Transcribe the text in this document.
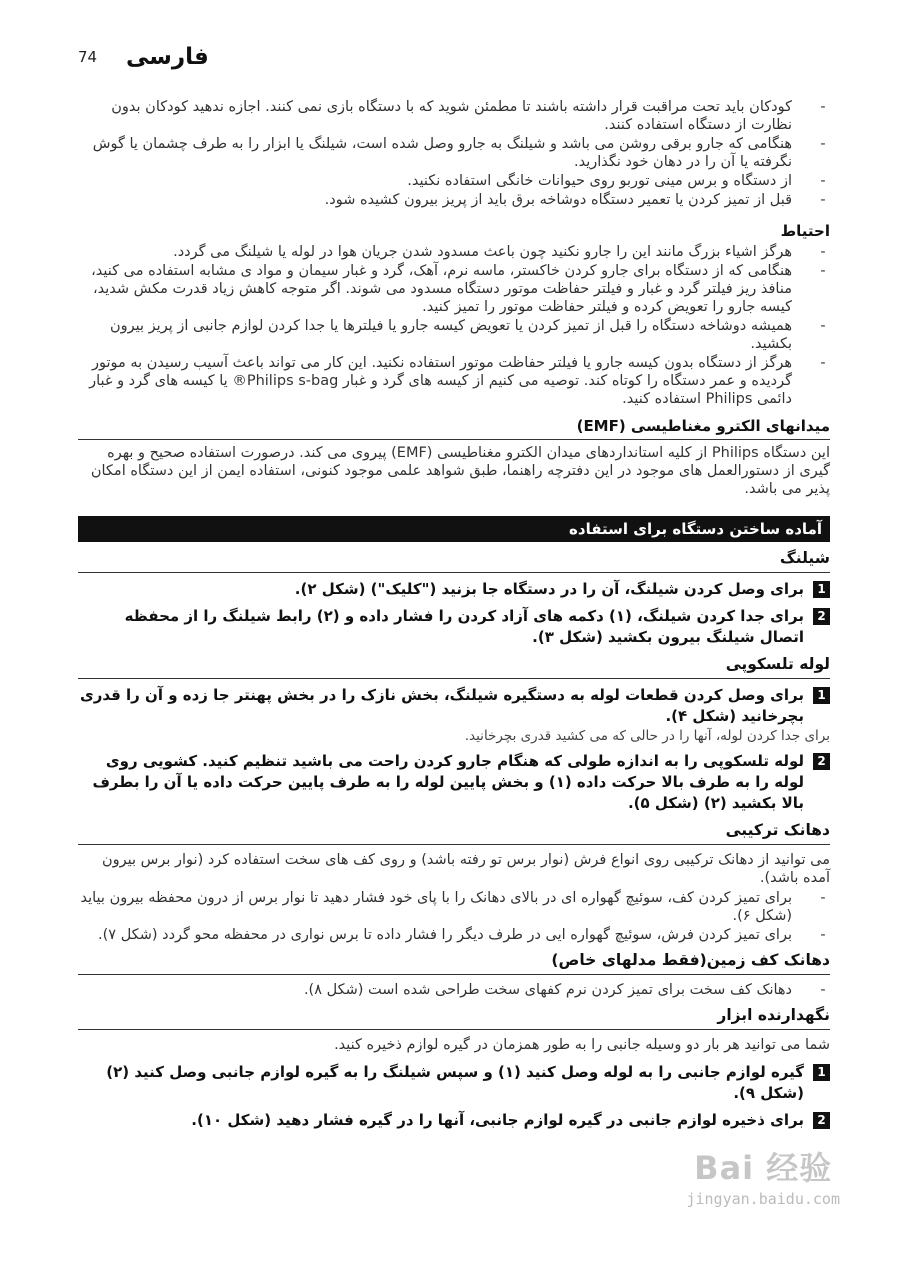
74 فارسی
-
کودکان باید تحت مراقبت قرار داشته باشند تا مطمئن شوید که با دستگاه بازی نمی کنند. اجازه ندهید کودکان بدون نظارت از دستگاه استفاده کنند.
-
هنگامی که جارو برقی روشن می باشد و شیلنگ به جارو وصل شده است، شیلنگ یا ابزار را به طرف چشمان یا گوش نگرفته یا آن را در دهان خود نگذارید.
-
از دستگاه و برس مینی توربو روی حیوانات خانگی استفاده نکنید.
-
قبل از تمیز کردن یا تعمیر دستگاه دوشاخه برق باید از پریز بیرون کشیده شود.
احتیاط
-
هرگز اشیاء بزرگ مانند این را جارو نکنید چون باعث مسدود شدن جریان هوا در لوله یا شیلنگ می گردد.
-
هنگامی که از دستگاه برای جارو کردن خاکستر، ماسه نرم، آهک، گرد و غبار سیمان و مواد ی مشابه استفاده می کنید، منافذ ریز فیلتر گرد و غبار و فیلتر حفاظت موتور دستگاه مسدود می شوند. اگر متوجه کاهش زیاد قدرت مکش شدید، کیسه جارو را تعویض کرده و فیلتر حفاظت موتور را تمیز کنید.
-
همیشه دوشاخه دستگاه را قبل از تمیز کردن یا تعویض کیسه جارو یا فیلترها یا جدا کردن لوازم جانبی از پریز بیرون بکشید.
-
هرگز از دستگاه بدون کیسه جارو یا فیلتر حفاظت موتور استفاده نکنید. این کار می تواند باعث آسیب رسیدن به موتور گردیده و عمر دستگاه را کوتاه کند. توصیه می کنیم از کیسه های گرد و غبار Philips s-bag® یا کیسه های گرد و غبار دائمی Philips استفاده کنید.
میدانهای الکترو مغناطیسی (EMF)

این دستگاه Philips از کلیه استانداردهای میدان الکترو مغناطیسی (EMF) پیروی می کند. درصورت استفاده صحیح و بهره گیری از دستورالعمل های موجود در این دفترچه راهنما، طبق شواهد علمی موجود کنونی، استفاده ایمن از این دستگاه امکان پذیر می باشد.

آماده ساختن دستگاه برای استفاده
شیلنگ
1
برای وصل کردن شیلنگ، آن را در دستگاه جا بزنید ("کلیک") (شکل ۲).
2
برای جدا کردن شیلنگ، (۱) دکمه های آزاد کردن را فشار داده و (۲) رابط شیلنگ را از محفظه اتصال شیلنگ بیرون بکشید (شکل ۳).
لوله تلسکوپی
1
برای وصل کردن قطعات لوله به دستگیره شیلنگ، بخش نازک را در بخش پهنتر جا زده و آن را قدری بچرخانید (شکل ۴).

برای جدا کردن لوله، آنها را در حالی که می کشید قدری بچرخانید.

2
لوله تلسکوپی را به اندازه طولی که هنگام جارو کردن راحت می باشید تنظیم کنید. کشویی روی لوله را به طرف بالا حرکت داده (۱) و بخش پایین لوله را به طرف پایین حرکت داده یا آن را بطرف بالا بکشید (۲) (شکل ۵).
دهانک ترکیبی

می توانید از دهانک ترکیبی روی انواع فرش (نوار برس تو رفته باشد) و روی کف های سخت استفاده کرد (نوار برس بیرون آمده باشد).

-
برای تمیز کردن کف، سوئیچ گهواره ای در بالای دهانک را با پای خود فشار دهید تا نوار برس از درون محفظه بیرون بیاید (شکل ۶).
-
برای تمیز کردن فرش، سوئیچ گهواره ایی در طرف دیگر را فشار داده تا برس نواری در محفظه محو گردد (شکل ۷).
دهانک کف زمین(فقط مدلهای خاص)
-
دهانک کف سخت برای تمیز کردن نرم کفهای سخت طراحی شده است (شکل ۸).
نگهدارنده ابزار

شما می توانید هر بار دو وسیله جانبی را به طور همزمان در گیره لوازم ذخیره کنید.

1
گیره لوازم جانبی را به لوله وصل کنید (۱) و سپس شیلنگ را به گیره لوازم جانبی وصل کنید (۲) (شکل ۹).
2
برای ذخیره لوازم جانبی در گیره لوازم جانبی، آنها را در گیره فشار دهید (شکل ۱۰).
Bai 经验
jingyan.baidu.com
